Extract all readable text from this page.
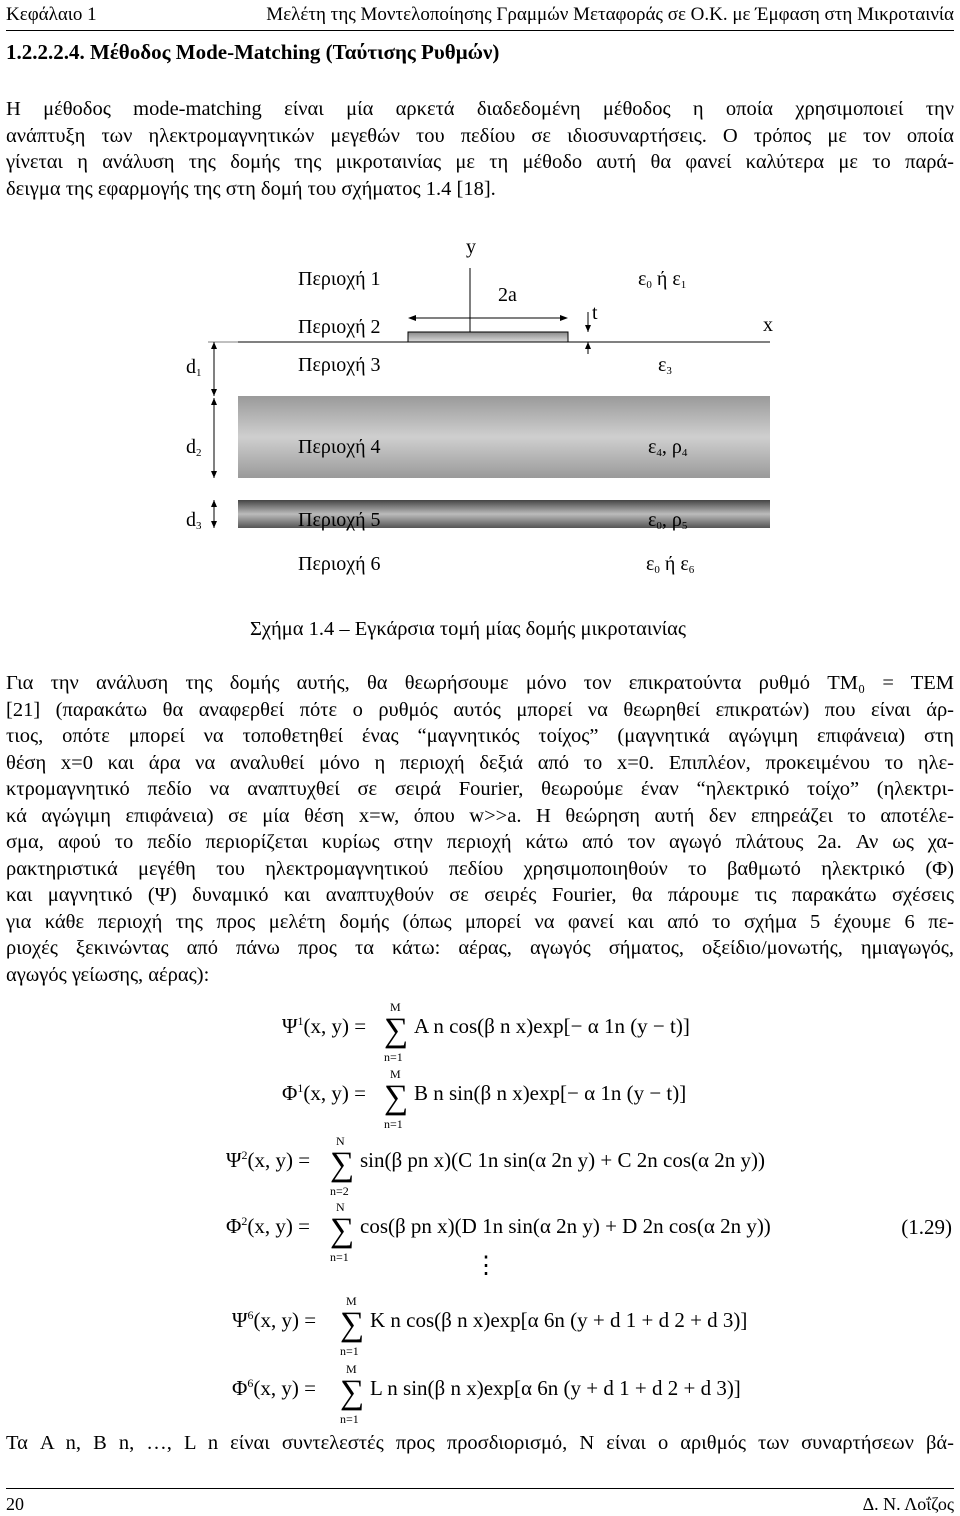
Κεφάλαιο 1	Μελέτη της Μοντελοποίησης Γραμμών Μεταφοράς σε Ο.Κ. με Έμφαση στη Μικροταινία
1.2.2.2.4. Μέθοδος Mode-Matching (Ταύτισης Ρυθμών)
Η μέθοδος mode-matching είναι μία αρκετά διαδεδομένη μέθοδος η οποία χρησιμοποιεί την
ανάπτυξη των ηλεκτρομαγνητικών μεγεθών του πεδίου σε ιδιοσυναρτήσεις. Ο τρόπος με τον οποία
γίνεται η ανάλυση της δομής της μικροταινίας με τη μέθοδο αυτή θα φανεί καλύτερα με το παρά-
δειγμα της εφαρμογής της στη δομή του σχήματος 1.4 [18].
y
x
2a
t
Περιοχή 1
Περιοχή 2
Περιοχή 3
Περιοχή 4
Περιοχή 5
Περιοχή 6
$\varepsilon_0$ ή $\varepsilon_1$
$\varepsilon_3$
$\varepsilon_4$, $\rho_4$
$\varepsilon_0$, $\rho_5$
$\varepsilon_0$ ή $\varepsilon_6$
$d_1$
$d_2$
$d_3$
Σχήμα 1.4 – Εγκάρσια τομή μίας δομής μικροταινίας
Για την ανάλυση της δομής αυτής, θα θεωρήσουμε μόνο τον επικρατούντα ρυθμό TM₀ = TEM
[21] (παρακάτω θα αναφερθεί πότε ο ρυθμός αυτός μπορεί να θεωρηθεί επικρατών) που είναι άρ-
τιος, οπότε μπορεί να τοποθετηθεί ένας “μαγνητικός τοίχος” (μαγνητικά αγώγιμη επιφάνεια) στη
θέση x=0 και άρα να αναλυθεί μόνο η περιοχή δεξιά από το x=0. Επιπλέον, προκειμένου το ηλε-
κτρομαγνητικό πεδίο να αναπτυχθεί σε σειρά Fourier, θεωρούμε έναν “ηλεκτρικό τοίχο” (ηλεκτρι-
κά αγώγιμη επιφάνεια) σε μία θέση x=w, όπου w>>a. Η θεώρηση αυτή δεν επηρεάζει το αποτέλε-
σμα, αφού το πεδίο περιορίζεται κυρίως στην περιοχή κάτω από τον αγωγό πλάτους 2a. Αν ως χα-
ρακτηριστικά μεγέθη του ηλεκτρομαγνητικού πεδίου χρησιμοποιηθούν το βαθμωτό ηλεκτρικό (Φ)
και μαγνητικό (Ψ) δυναμικό και αναπτυχθούν σε σειρές Fourier, θα πάρουμε τις παρακάτω σχέσεις
για κάθε περιοχή της προς μελέτη δομής (όπως μπορεί να φανεί και από το σχήμα 5 έχουμε 6 πε-
ριοχές ξεκινώντας από πάνω προς τα κάτω: αέρας, αγωγός σήματος, οξείδιο/μονωτής, ημιαγωγός,
αγωγός γείωσης, αέρας):
$\Psi^1(x$, y) =
M
∑
n=1
A n cos(β n x)exp[− α 1n (y − t)]
$\Phi^1(x$, y) =
M
∑
n=1
B n sin(β n x)exp[− α 1n (y − t)]
$\Psi^2(x$, y) =
N
∑
n=2
sin(β pn x)(C 1n sin(α 2n y) + C 2n cos(α 2n y))
$\Phi^2(x$, y) =
N
∑
n=1
cos(β pn x)(D 1n sin(α 2n y) + D 2n cos(α 2n y))
$\Psi^6(x$, y) =
M
∑
n=1
K n cos(β n x)exp[α 6n (y + d 1 + d 2 + d 3)]
$\Phi^6(x$, y) =
M
∑
n=1
L n sin(β n x)exp[α 6n (y + d 1 + d 2 + d 3)]
⋮
(1.29)
Τα A n, B n, …, L n είναι συντελεστές προς προσδιορισμό, N είναι ο αριθμός των συναρτήσεων βά-
20	Δ. Ν. Λοΐζος
